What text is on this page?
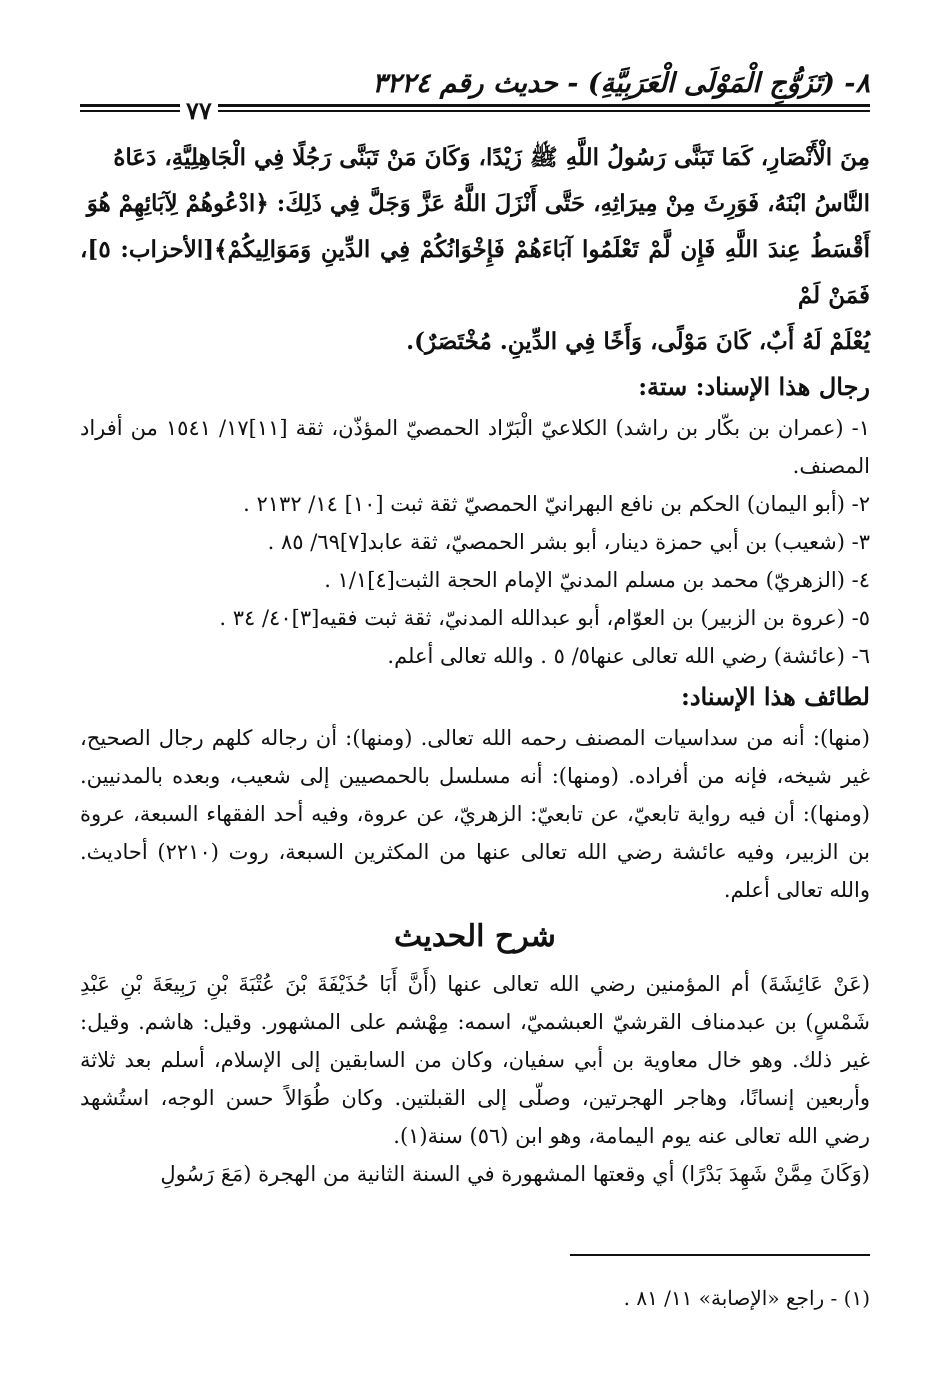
٨- (تَزَوُّجِ الْمَوْلَى الْعَرَبِيَّةِ) - حديث رقم ٣٢٢٤
٧٧

مِنَ الْأَنْصَارِ، كَمَا تَبَنَّى رَسُولُ اللَّهِ ﷺ زَيْدًا، وَكَانَ مَنْ تَبَنَّى رَجُلًا فِي الْجَاهِلِيَّةِ، دَعَاهُ

النَّاسُ ابْنَهُ، فَوَرِثَ مِنْ مِيرَاثِهِ، حَتَّى أَنْزَلَ اللَّهُ عَزَّ وَجَلَّ فِي ذَلِكَ: ﴿ادْعُوهُمْ لِآبَائِهِمْ هُوَ

أَقْسَطُ عِندَ اللَّهِ فَإِن لَّمْ تَعْلَمُوا آبَاءَهُمْ فَإِخْوَانُكُمْ فِي الدِّينِ وَمَوَالِيكُمْ﴾[الأحزاب: ٥]، فَمَنْ لَمْ

يُعْلَمْ لَهُ أَبٌ، كَانَ مَوْلًى، وَأَخًا فِي الدِّينِ. مُخْتَصَرٌ).

رجال هذا الإسناد: ستة:

١- (عمران بن بكّار بن راشد) الكلاعيّ الْبَرّاد الحمصيّ المؤذّن، ثقة [١١]١٧/ ١٥٤١ من أفراد المصنف.

٢- (أبو اليمان) الحكم بن نافع البهرانيّ الحمصيّ ثقة ثبت [١٠] ١٤/ ٢١٣٢ .

٣- (شعيب) بن أبي حمزة دينار، أبو بشر الحمصيّ، ثقة عابد[٧]٦٩/ ٨٥ .

٤- (الزهريّ) محمد بن مسلم المدنيّ الإمام الحجة الثبت[٤]١/١ .

٥- (عروة بن الزبير) بن العوّام، أبو عبدالله المدنيّ، ثقة ثبت فقيه[٣]٤٠/ ٣٤ .

٦- (عائشة) رضي الله تعالى عنها٥/ ٥ . والله تعالى أعلم.

لطائف هذا الإسناد:

(منها): أنه من سداسيات المصنف رحمه الله تعالى. (ومنها): أن رجاله كلهم رجال الصحيح، غير شيخه، فإنه من أفراده. (ومنها): أنه مسلسل بالحمصيين إلى شعيب، وبعده بالمدنيين. (ومنها): أن فيه رواية تابعيّ، عن تابعيّ: الزهريّ، عن عروة، وفيه أحد الفقهاء السبعة، عروة بن الزبير، وفيه عائشة رضي الله تعالى عنها من المكثرين السبعة، روت (٢٢١٠) أحاديث. والله تعالى أعلم.

شرح الحديث

(عَنْ عَائِشَةَ) أم المؤمنين رضي الله تعالى عنها (أَنَّ أَبَا حُذَيْفَةَ بْنَ عُتْبَةَ بْنِ رَبِيعَةَ بْنِ عَبْدِ شَمْسٍ) بن عبدمناف القرشيّ العبشميّ، اسمه: مِهْشم على المشهور. وقيل: هاشم. وقيل: غير ذلك. وهو خال معاوية بن أبي سفيان، وكان من السابقين إلى الإسلام، أسلم بعد ثلاثة وأربعين إنسانًا، وهاجر الهجرتين، وصلّى إلى القبلتين. وكان طُوَالاً حسن الوجه، استُشهد رضي الله تعالى عنه يوم اليمامة، وهو ابن (٥٦) سنة(١).

(وَكَانَ مِمَّنْ شَهِدَ بَدْرًا) أي وقعتها المشهورة في السنة الثانية من الهجرة (مَعَ رَسُولِ

(١) - راجع «الإصابة» ١١/ ٨١ .
